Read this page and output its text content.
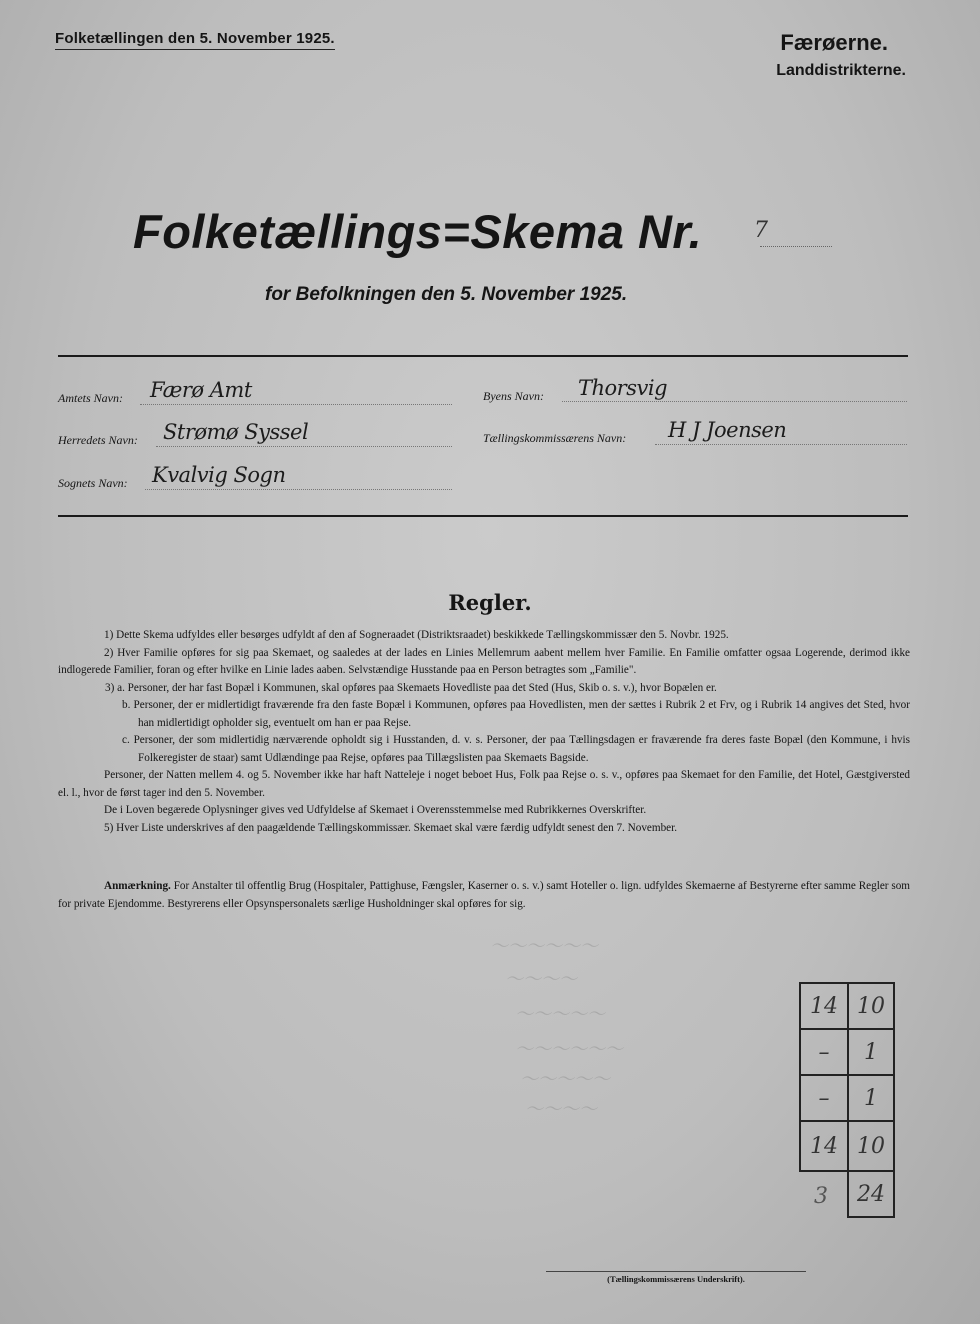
Folketællingen den 5. November 1925.	Færøerne.
Landdistrikterne.
Folketællings=Skema Nr. 7
for Befolkningen den 5. November 1925.
Amtets Navn: Færø Amt	Byens Navn: Thorsvig
Herredets Navn: Strømø Syssel	Tællingskommissærens Navn: H J Joensen
Sognets Navn: Kvalvig Sogn
Regler.

1) Dette Skema udfyldes eller besørges udfyldt af den af Sogneraadet (Distriktsraadet) beskikkede Tællingskommissær den 5. Novbr. 1925.

2) Hver Familie opføres for sig paa Skemaet, og saaledes at der lades en Linies Mellemrum aabent mellem hver Familie. En Familie omfatter ogsaa Logerende, derimod ikke indlogerede Familier, foran og efter hvilke en Linie lades aaben. Selvstændige Husstande paa en Person betragtes som „Familie".

3) a. Personer, der har fast Bopæl i Kommunen, skal opføres paa Skemaets Hovedliste paa det Sted (Hus, Skib o. s. v.), hvor Bopælen er.

b. Personer, der er midlertidigt fraværende fra den faste Bopæl i Kommunen, opføres paa Hovedlisten, men der sættes i Rubrik 2 et Frv, og i Rubrik 14 angives det Sted, hvor han midlertidigt opholder sig, eventuelt om han er paa Rejse.

c. Personer, der som midlertidig nærværende opholdt sig i Husstanden, d. v. s. Personer, der paa Tællingsdagen er fraværende fra deres faste Bopæl (den Kommune, i hvis Folkeregister de staar) samt Udlændinge paa Rejse, opføres paa Tillægslisten paa Skemaets Bagside.

Personer, der Natten mellem 4. og 5. November ikke har haft Natteleje i noget beboet Hus, Folk paa Rejse o. s. v., opføres paa Skemaet for den Familie, det Hotel, Gæstgiversted el. l., hvor de først tager ind den 5. November.

De i Loven begærede Oplysninger gives ved Udfyldelse af Skemaet i Overensstemmelse med Rubrikkernes Overskrifter.

5) Hver Liste underskrives af den paagældende Tællingskommissær. Skemaet skal være færdig udfyldt senest den 7. November.

Anmærkning. For Anstalter til offentlig Brug (Hospitaler, Pattighuse, Fængsler, Kaserner o. s. v.) samt Hoteller o. lign. udfyldes Skemaerne af Bestyrerne efter samme Regler som for private Ejendomme. Bestyrerens eller Opsynspersonalets særlige Husholdninger skal opføres for sig.
～～～～～～
～～～～
～～～～～
～～～～～～
～～～～～
～～～～
14 10
–	1
–	1
14 10
3	24
(Tællingskommissærens Underskrift).
